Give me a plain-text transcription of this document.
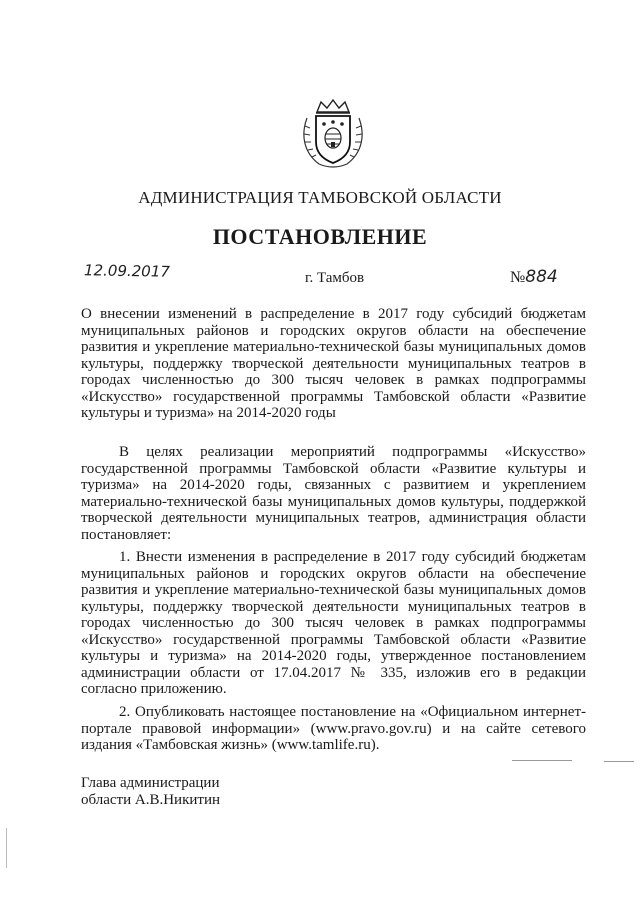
АДМИНИСТРАЦИЯ ТАМБОВСКОЙ ОБЛАСТИ
ПОСТАНОВЛЕНИЕ
12.09.2017	г. Тамбов	№884
О внесении изменений в распределение в 2017 году субсидий бюджетам муниципальных районов и городских округов области на обеспечение развития и укрепление материально-технической базы муниципальных домов культуры, поддержку творческой деятельности муниципальных театров в городах численностью до 300 тысяч человек в рамках подпрограммы «Искусство» государственной программы Тамбовской области «Развитие культуры и туризма» на 2014-2020 годы
В целях реализации мероприятий подпрограммы «Искусство» государственной программы Тамбовской области «Развитие культуры и туризма» на 2014-2020 годы, связанных с развитием и укреплением материально-технической базы муниципальных домов культуры, поддержкой творческой деятельности муниципальных театров, администрация области постановляет:
1. Внести изменения в распределение в 2017 году субсидий бюджетам муниципальных районов и городских округов области на обеспечение развития и укрепление материально-технической базы муниципальных домов культуры, поддержку творческой деятельности муниципальных театров в городах численностью до 300 тысяч человек в рамках подпрограммы «Искусство» государственной программы Тамбовской области «Развитие культуры и туризма» на 2014-2020 годы, утвержденное постановлением администрации области от 17.04.2017 № 335, изложив его в редакции согласно приложению.
2. Опубликовать настоящее постановление на «Официальном интернет-портале правовой информации» (www.pravo.gov.ru) и на сайте сетевого издания «Тамбовская жизнь» (www.tamlife.ru).
Глава администрации
области А.В.Никитин
